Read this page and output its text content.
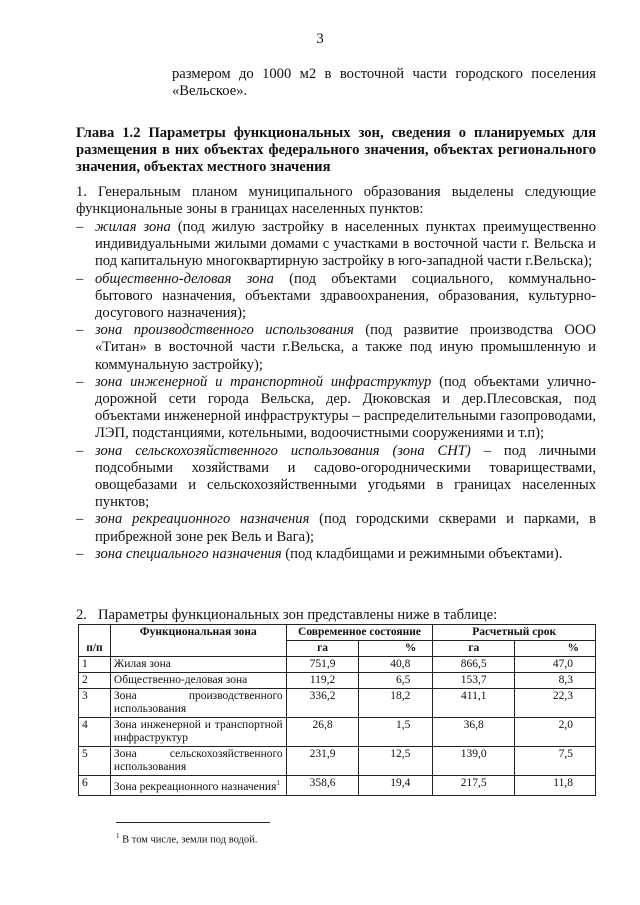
3
размером до 1000 м2 в восточной части городского поселения «Вельское».
Глава 1.2 Параметры функциональных зон, сведения о планируемых для размещения в них объектах федерального значения, объектах регионального значения, объектах местного значения
1. Генеральным планом муниципального образования выделены следующие функциональные зоны в границах населенных пунктов:
– жилая зона (под жилую застройку в населенных пунктах преимущественно индивидуальными жилыми домами с участками в восточной части г. Вельска и под капитальную многоквартирную застройку в юго-западной части г.Вельска);
– общественно-деловая зона (под объектами социального, коммунально-бытового назначения, объектами здравоохранения, образования, культурно-досугового назначения);
– зона производственного использования (под развитие производства ООО «Титан» в восточной части г.Вельска, а также под иную промышленную и коммунальную застройку);
– зона инженерной и транспортной инфраструктур (под объектами улично-дорожной сети города Вельска, дер. Дюковская и дер.Плесовская, под объектами инженерной инфраструктуры – распределительными газопроводами, ЛЭП, подстанциями, котельными, водоочистными сооружениями и т.п);
– зона сельскохозяйственного использования (зона СНТ) – под личными подсобными хозяйствами и садово-огородническими товариществами, овощебазами и сельскохозяйственными угодьями в границах населенных пунктов;
– зона рекреационного назначения (под городскими скверами и парками, в прибрежной зоне рек Вель и Вага);
– зона специального назначения (под кладбищами и режимными объектами).
2. Параметры функциональных зон представлены ниже в таблице:
п/п	Функциональная зона	Современное состояние		Расчетный срок	
		га	%	га	%
1	Жилая зона	751,9	40,8	866,5	47,0
2	Общественно-деловая зона	119,2	6,5	153,7	8,3
3	Зона производственного использования	336,2	18,2	411,1	22,3
4	Зона инженерной и транспортной инфраструктур	26,8	1,5	36,8	2,0
5	Зона сельскохозяйственного использования	231,9	12,5	139,0	7,5
6	Зона рекреационного назначения$^1$	358,6	19,4	217,5	11,8
$^1$ В том числе, земли под водой.
